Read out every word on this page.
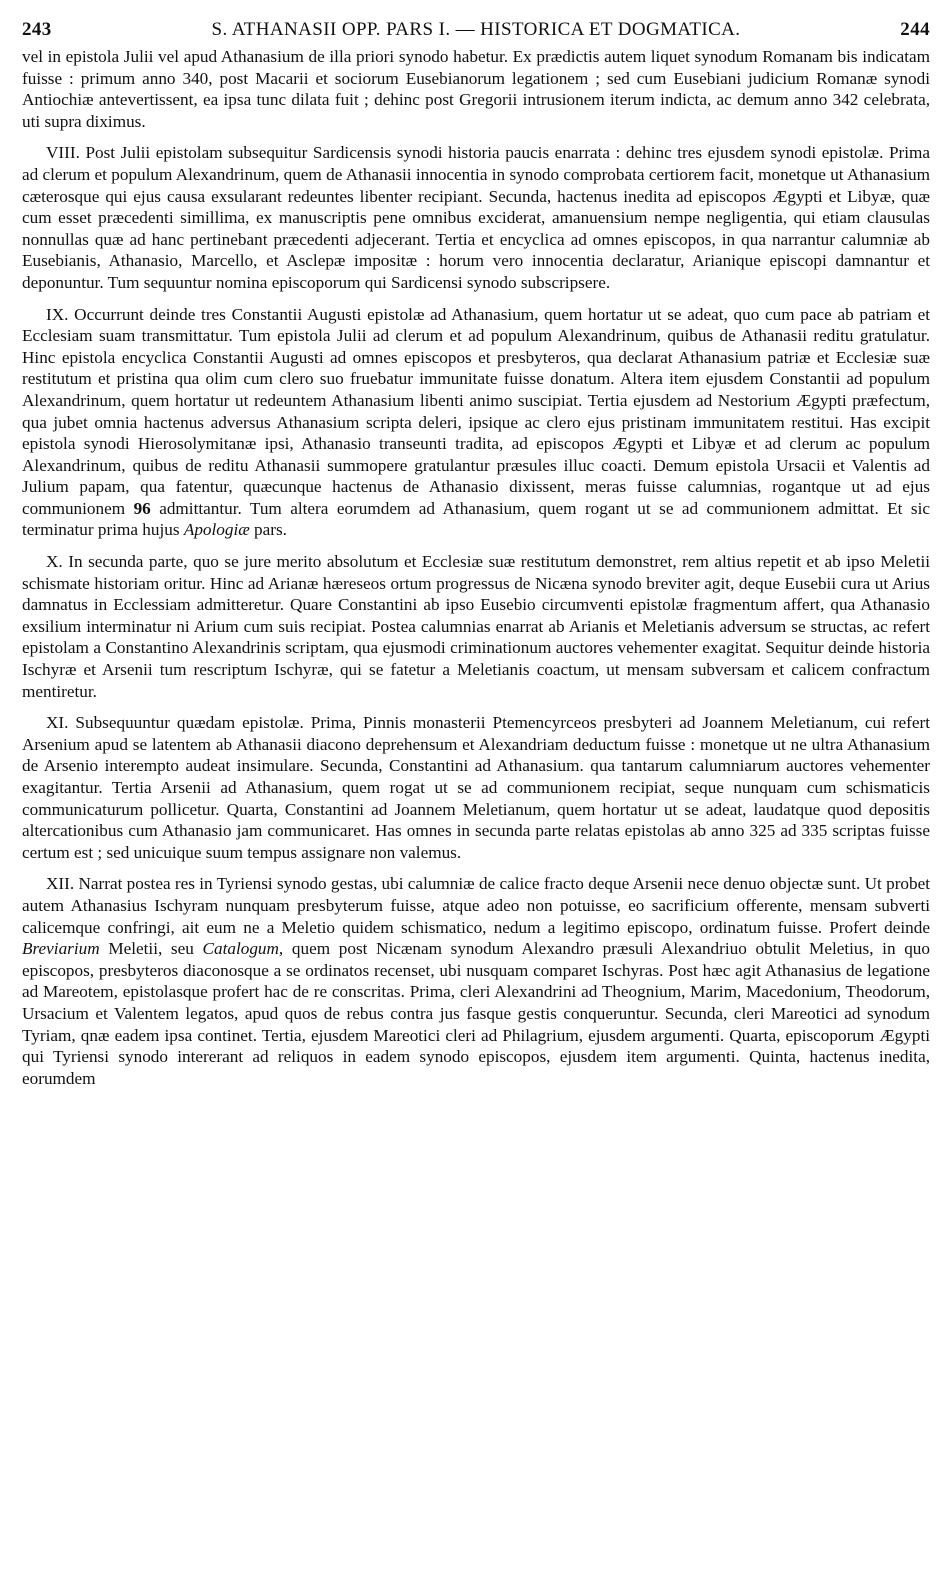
243	S. ATHANASII OPP. PARS I. — HISTORICA ET DOGMATICA.	244

vel in epistola Julii vel apud Athanasium de illa priori synodo habetur. Ex prædictis autem liquet synodum Romanam bis indicatam fuisse : primum anno 340, post Macarii et sociorum Eusebianorum legationem ; sed cum Eusebiani judicium Romanæ synodi Antiochiæ antevertissent, ea ipsa tunc dilata fuit ; dehinc post Gregorii intrusionem iterum indicta, ac demum anno 342 celebrata, uti supra diximus.

VIII. Post Julii epistolam subsequitur Sardicensis synodi historia paucis enarrata : dehinc tres ejusdem synodi epistolæ. Prima ad clerum et populum Alexandrinum, quem de Athanasii innocentia in synodo comprobata certiorem facit, monetque ut Athanasium cæterosque qui ejus causa exsularant redeuntes libenter recipiant. Secunda, hactenus inedita ad episcopos Ægypti et Libyæ, quæ cum esset præcedenti simillima, ex manuscriptis pene omnibus exciderat, amanuensium nempe negligentia, qui etiam clausulas nonnullas quæ ad hanc pertinebant præcedenti adjecerant. Tertia et encyclica ad omnes episcopos, in qua narrantur calumniæ ab Eusebianis, Athanasio, Marcello, et Asclepæ impositæ : horum vero innocentia declaratur, Arianique episcopi damnantur et deponuntur. Tum sequuntur nomina episcoporum qui Sardicensi synodo subscripsere.

IX. Occurrunt deinde tres Constantii Augusti epistolæ ad Athanasium, quem hortatur ut se adeat, quo cum pace ab patriam et Ecclesiam suam transmittatur. Tum epistola Julii ad clerum et ad populum Alexandrinum, quibus de Athanasii reditu gratulatur. Hinc epistola encyclica Constantii Augusti ad omnes episcopos et presbyteros, qua declarat Athanasium patriæ et Ecclesiæ suæ restitutum et pristina qua olim cum clero suo fruebatur immunitate fuisse donatum. Altera item ejusdem Constantii ad populum Alexandrinum, quem hortatur ut redeuntem Athanasium libenti animo suscipiat. Tertia ejusdem ad Nestorium Ægypti præfectum, qua jubet omnia hactenus adversus Athanasium scripta deleri, ipsique ac clero ejus pristinam immunitatem restitui. Has excipit epistola synodi Hierosolymitanæ ipsi, Athanasio transeunti tradita, ad episcopos Ægypti et Libyæ et ad clerum ac populum Alexandrinum, quibus de reditu Athanasii summopere gratulantur præsules illuc coacti. Demum epistola Ursacii et Valentis ad Julium papam, qua fatentur, quæcunque hactenus de Athanasio dixissent, meras fuisse calumnias, rogantque ut ad ejus communionem 96 admittantur. Tum altera eorumdem ad Athanasium, quem rogant ut se ad communionem admittat. Et sic terminatur prima hujus Apologiæ pars.

X. In secunda parte, quo se jure merito absolutum et Ecclesiæ suæ restitutum demonstret, rem altius repetit et ab ipso Meletii schismate historiam oritur. Hinc ad Arianæ hæreseos ortum progressus de Nicæna synodo breviter agit, deque Eusebii cura ut Arius damnatus in Ecclessiam admitteretur. Quare Constantini ab ipso Eusebio circumventi epistolæ fragmentum affert, qua Athanasio exsilium interminatur ni Arium cum suis recipiat. Postea calumnias enarrat ab Arianis et Meletianis adversum se structas, ac refert epistolam a Constantino Alexandrinis scriptam, qua ejusmodi criminationum auctores vehementer exagitat. Sequitur deinde historia Ischyræ et Arsenii tum rescriptum Ischyræ, qui se fatetur a Meletianis coactum, ut mensam subversam et calicem confractum mentiretur.

XI. Subsequuntur quædam epistolæ. Prima, Pinnis monasterii Ptemencyrceos presbyteri ad Joannem Meletianum, cui refert Arsenium apud se latentem ab Athanasii diacono deprehensum et Alexandriam deductum fuisse : monetque ut ne ultra Athanasium de Arsenio interempto audeat insimulare. Secunda, Constantini ad Athanasium. qua tantarum calumniarum auctores vehementer exagitantur. Tertia Arsenii ad Athanasium, quem rogat ut se ad communionem recipiat, seque nunquam cum schismaticis communicaturum pollicetur. Quarta, Constantini ad Joannem Meletianum, quem hortatur ut se adeat, laudatque quod depositis altercationibus cum Athanasio jam communicaret. Has omnes in secunda parte relatas epistolas ab anno 325 ad 335 scriptas fuisse certum est ; sed unicuique suum tempus assignare non valemus.

XII. Narrat postea res in Tyriensi synodo gestas, ubi calumniæ de calice fracto deque Arsenii nece denuo objectæ sunt. Ut probet autem Athanasius Ischyram nunquam presbyterum fuisse, atque adeo non potuisse, eo sacrificium offerente, mensam subverti calicemque confringi, ait eum ne a Meletio quidem schismatico, nedum a legitimo episcopo, ordinatum fuisse. Profert deinde Breviarium Meletii, seu Catalogum, quem post Nicænam synodum Alexandro præsuli Alexandriuo obtulit Meletius, in quo episcopos, presbyteros diaconosque a se ordinatos recenset, ubi nusquam comparet Ischyras. Post hæc agit Athanasius de legatione ad Mareotem, epistolasque profert hac de re conscritas. Prima, cleri Alexandrini ad Theognium, Marim, Macedonium, Theodorum, Ursacium et Valentem legatos, apud quos de rebus contra jus fasque gestis conqueruntur. Secunda, cleri Mareotici ad synodum Tyriam, qnæ eadem ipsa continet. Tertia, ejusdem Mareotici cleri ad Philagrium, ejusdem argumenti. Quarta, episcoporum Ægypti qui Tyriensi synodo intererant ad reliquos in eadem synodo episcopos, ejusdem item argumenti. Quinta, hactenus inedita, eorumdem
